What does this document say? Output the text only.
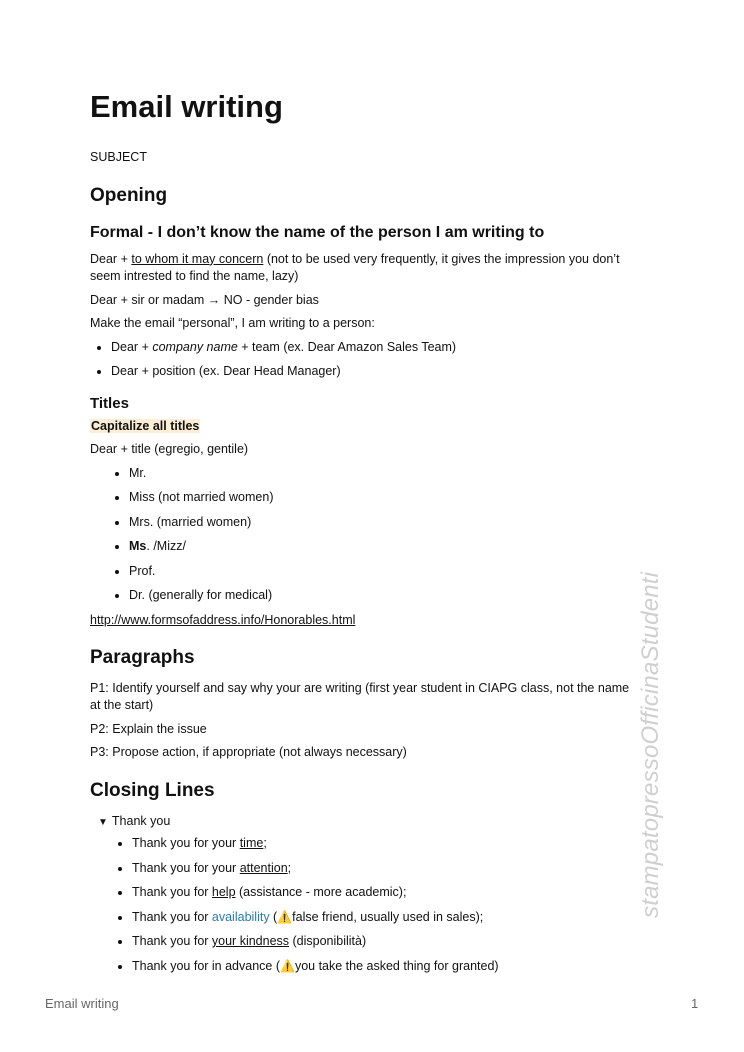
Email writing

SUBJECT

Opening
Formal - I don’t know the name of the person I am writing to

Dear + to whom it may concern (not to be used very frequently, it gives the impression you don’t seem intrested to find the name, lazy)

Dear + sir or madam → NO - gender bias

Make the email “personal”, I am writing to a person:

• Dear + company name + team (ex. Dear Amazon Sales Team)
• Dear + position (ex. Dear Head Manager)
Titles

Capitalize all titles

Dear + title (egregio, gentile)

• Mr.
• Miss (not married women)
• Mrs. (married women)
• Ms. /Mizz/
• Prof.
• Dr. (generally for medical)

http://www.formsofaddress.info/Honorables.html

Paragraphs

P1: Identify yourself and say why your are writing (first year student in CIAPG class, not the name at the start)

P2: Explain the issue

P3: Propose action, if appropriate (not always necessary)

Closing Lines
▼ Thank you
• Thank you for your time;
• Thank you for your attention;
• Thank you for help (assistance - more academic);
• Thank you for availability (⚠️false friend, usually used in sales);
• Thank you for your kindness (disponibilità)
• Thank you for in advance (⚠️you take the asked thing for granted)
stampatopressoOfficinaStudenti
Email writing	1
